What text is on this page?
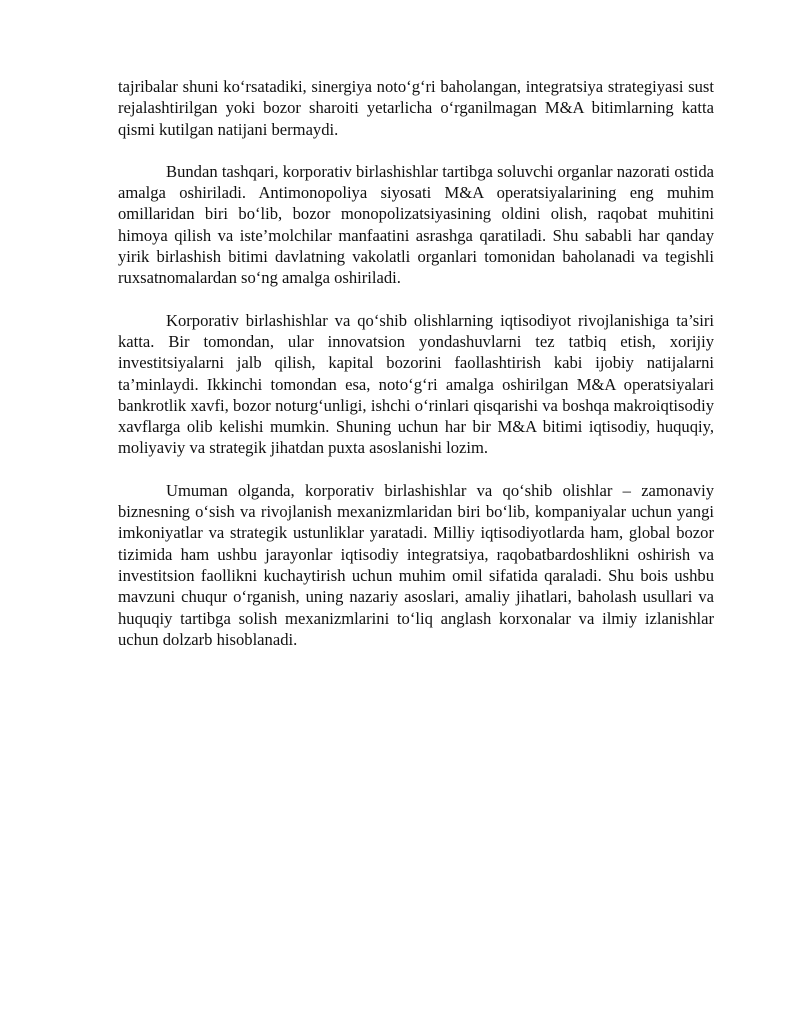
tajribalar shuni ko‘rsatadiki, sinergiya noto‘g‘ri baholangan, integratsiya strategiyasi sust rejalashtirilgan yoki bozor sharoiti yetarlicha o‘rganilmagan M&A bitimlarning katta qismi kutilgan natijani bermaydi.

Bundan tashqari, korporativ birlashishlar tartibga soluvchi organlar nazorati ostida amalga oshiriladi. Antimonopoliya siyosati M&A operatsiyalarining eng muhim omillaridan biri bo‘lib, bozor monopolizatsiyasining oldini olish, raqobat muhitini himoya qilish va iste’molchilar manfaatini asrashga qaratiladi. Shu sababli har qanday yirik birlashish bitimi davlatning vakolatli organlari tomonidan baholanadi va tegishli ruxsatnomalardan so‘ng amalga oshiriladi.

Korporativ birlashishlar va qo‘shib olishlarning iqtisodiyot rivojlanishiga ta’siri katta. Bir tomondan, ular innovatsion yondashuvlarni tez tatbiq etish, xorijiy investitsiyalarni jalb qilish, kapital bozorini faollashtirish kabi ijobiy natijalarni ta’minlaydi. Ikkinchi tomondan esa, noto‘g‘ri amalga oshirilgan M&A operatsiyalari bankrotlik xavfi, bozor noturg‘unligi, ishchi o‘rinlari qisqarishi va boshqa makroiqtisodiy xavflarga olib kelishi mumkin. Shuning uchun har bir M&A bitimi iqtisodiy, huquqiy, moliyaviy va strategik jihatdan puxta asoslanishi lozim.

Umuman olganda, korporativ birlashishlar va qo‘shib olishlar – zamonaviy biznesning o‘sish va rivojlanish mexanizmlaridan biri bo‘lib, kompaniyalar uchun yangi imkoniyatlar va strategik ustunliklar yaratadi. Milliy iqtisodiyotlarda ham, global bozor tizimida ham ushbu jarayonlar iqtisodiy integratsiya, raqobatbardoshlikni oshirish va investitsion faollikni kuchaytirish uchun muhim omil sifatida qaraladi. Shu bois ushbu mavzuni chuqur o‘rganish, uning nazariy asoslari, amaliy jihatlari, baholash usullari va huquqiy tartibga solish mexanizmlarini to‘liq anglash korxonalar va ilmiy izlanishlar uchun dolzarb hisoblanadi.
